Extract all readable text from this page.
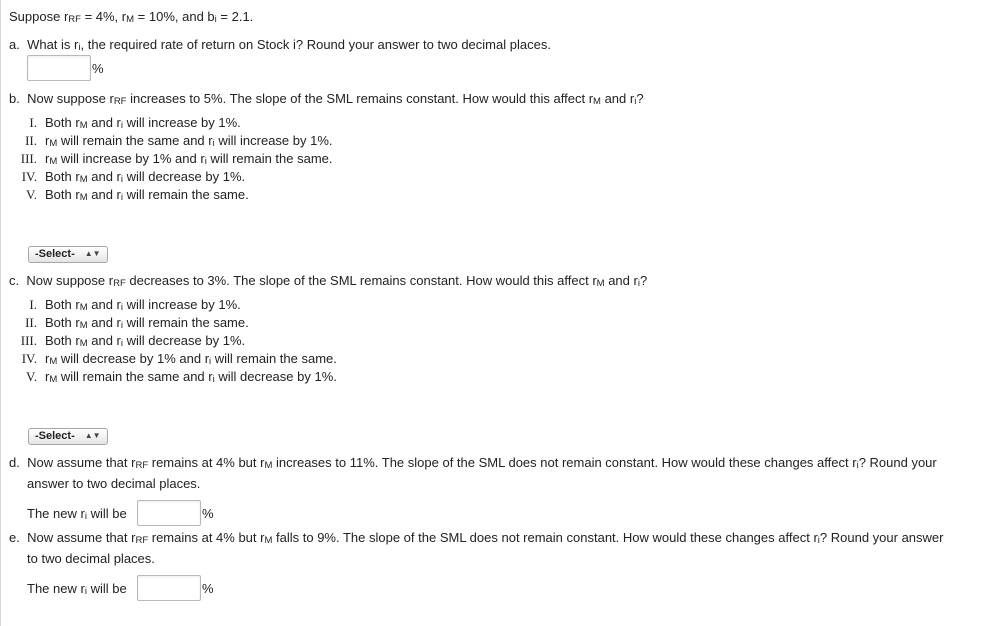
Suppose rRF = 4%, rM = 10%, and bi = 2.1.
a. What is ri, the required rate of return on Stock i? Round your answer to two decimal places.
%
b. Now suppose rRF increases to 5%. The slope of the SML remains constant. How would this affect rM and ri?
I. Both rM and ri will increase by 1%.
II. rM will remain the same and ri will increase by 1%.
III. rM will increase by 1% and ri will remain the same.
IV. Both rM and ri will decrease by 1%.
V. Both rM and ri will remain the same.
-Select- ▲▼
c. Now suppose rRF decreases to 3%. The slope of the SML remains constant. How would this affect rM and ri?
I. Both rM and ri will increase by 1%.
II. Both rM and ri will remain the same.
III. Both rM and ri will decrease by 1%.
IV. rM will decrease by 1% and ri will remain the same.
V. rM will remain the same and ri will decrease by 1%.
-Select- ▲▼
d. Now assume that rRF remains at 4% but rM increases to 11%. The slope of the SML does not remain constant. How would these changes affect ri? Round your
answer to two decimal places.
The new ri will be	%
e. Now assume that rRF remains at 4% but rM falls to 9%. The slope of the SML does not remain constant. How would these changes affect ri? Round your answer
to two decimal places.
The new ri will be	%
